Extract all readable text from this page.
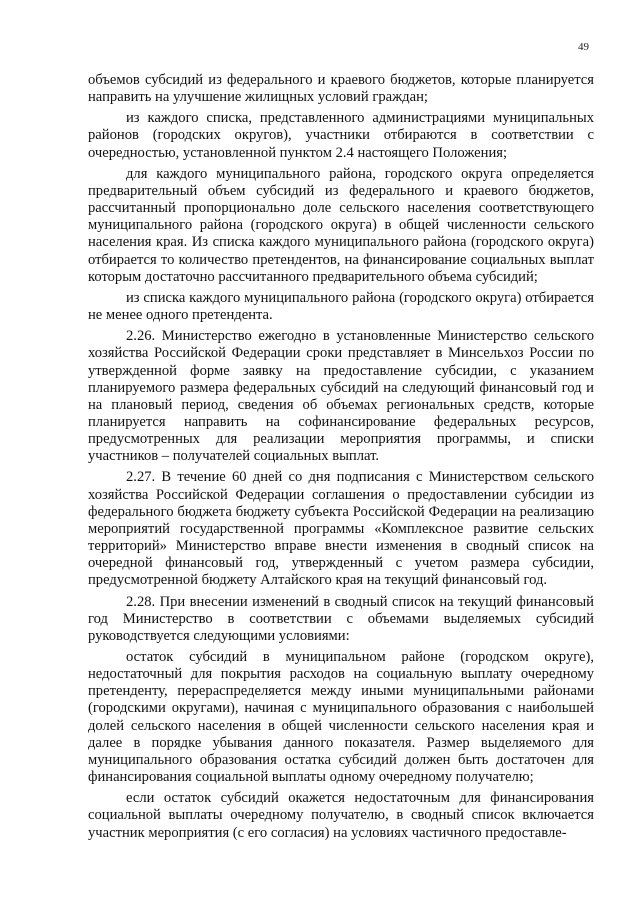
49

объемов субсидий из федерального и краевого бюджетов, которые планируется направить на улучшение жилищных условий граждан;

из каждого списка, представленного администрациями муниципальных районов (городских округов), участники отбираются в соответствии с очередностью, установленной пунктом 2.4 настоящего Положения;

для каждого муниципального района, городского округа определяется предварительный объем субсидий из федерального и краевого бюджетов, рассчитанный пропорционально доле сельского населения соответствующего муниципального района (городского округа) в общей численности сельского населения края. Из списка каждого муниципального района (городского округа) отбирается то количество претендентов, на финансирование социальных выплат которым достаточно рассчитанного предварительного объема субсидий;

из списка каждого муниципального района (городского округа) отбирается не менее одного претендента.

2.26. Министерство ежегодно в установленные Министерство сельского хозяйства Российской Федерации сроки представляет в Минсельхоз России по утвержденной форме заявку на предоставление субсидии, с указанием планируемого размера федеральных субсидий на следующий финансовый год и на плановый период, сведения об объемах региональных средств, которые планируется направить на софинансирование федеральных ресурсов, предусмотренных для реализации мероприятия программы, и списки участников – получателей социальных выплат.

2.27. В течение 60 дней со дня подписания с Министерством сельского хозяйства Российской Федерации соглашения о предоставлении субсидии из федерального бюджета бюджету субъекта Российской Федерации на реализацию мероприятий государственной программы «Комплексное развитие сельских территорий» Министерство вправе внести изменения в сводный список на очередной финансовый год, утвержденный с учетом размера субсидии, предусмотренной бюджету Алтайского края на текущий финансовый год.

2.28. При внесении изменений в сводный список на текущий финансовый год Министерство в соответствии с объемами выделяемых субсидий руководствуется следующими условиями:

остаток субсидий в муниципальном районе (городском округе), недостаточный для покрытия расходов на социальную выплату очередному претенденту, перераспределяется между иными муниципальными районами (городскими округами), начиная с муниципального образования с наибольшей долей сельского населения в общей численности сельского населения края и далее в порядке убывания данного показателя. Размер выделяемого для муниципального образования остатка субсидий должен быть достаточен для финансирования социальной выплаты одному очередному получателю;

если остаток субсидий окажется недостаточным для финансирования социальной выплаты очередному получателю, в сводный список включается участник мероприятия (с его согласия) на условиях частичного предоставле-
